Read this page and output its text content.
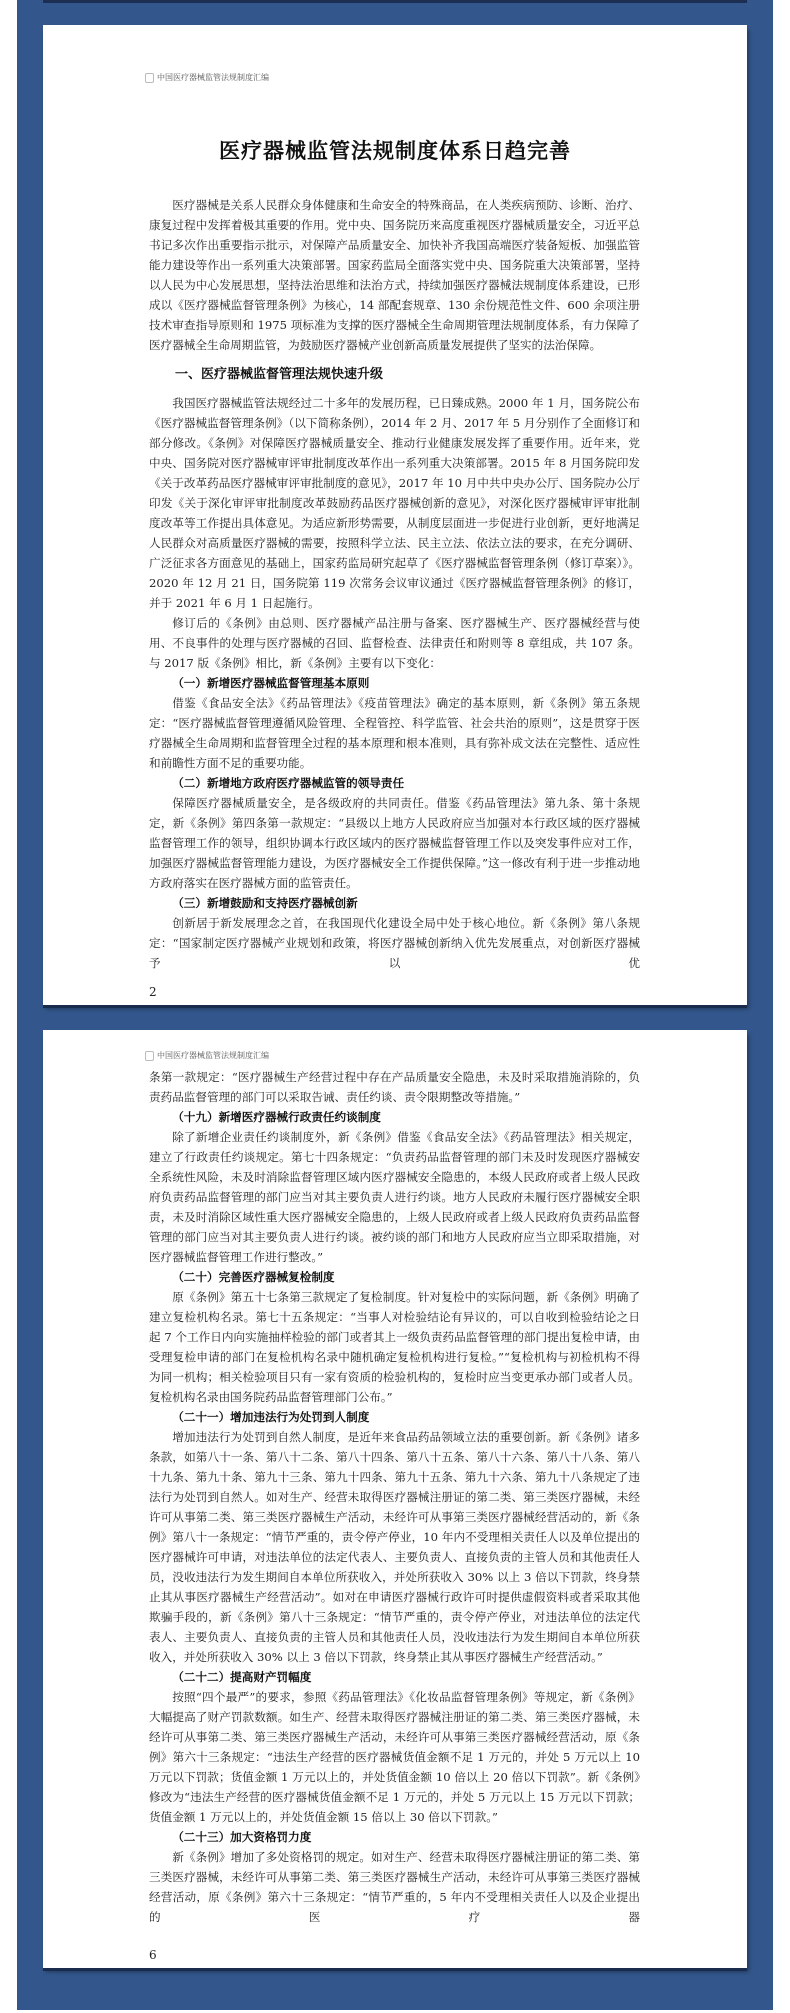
中国医疗器械监管法规制度汇编
医疗器械监管法规制度体系日趋完善

医疗器械是关系人民群众身体健康和生命安全的特殊商品，在人类疾病预防、诊断、治疗、康复过程中发挥着极其重要的作用。党中央、国务院历来高度重视医疗器械质量安全，习近平总书记多次作出重要指示批示，对保障产品质量安全、加快补齐我国高端医疗装备短板、加强监管能力建设等作出一系列重大决策部署。国家药监局全面落实党中央、国务院重大决策部署，坚持以人民为中心发展思想，坚持法治思维和法治方式，持续加强医疗器械法规制度体系建设，已形成以《医疗器械监督管理条例》为核心，14 部配套规章、130 余份规范性文件、600 余项注册技术审查指导原则和 1975 项标准为支撑的医疗器械全生命周期管理法规制度体系，有力保障了医疗器械全生命周期监管，为鼓励医疗器械产业创新高质量发展提供了坚实的法治保障。

一、医疗器械监督管理法规快速升级

我国医疗器械监管法规经过二十多年的发展历程，已日臻成熟。2000 年 1 月，国务院公布《医疗器械监督管理条例》（以下简称条例），2014 年 2 月、2017 年 5 月分别作了全面修订和部分修改。《条例》对保障医疗器械质量安全、推动行业健康发展发挥了重要作用。近年来，党中央、国务院对医疗器械审评审批制度改革作出一系列重大决策部署。2015 年 8 月国务院印发《关于改革药品医疗器械审评审批制度的意见》，2017 年 10 月中共中央办公厅、国务院办公厅印发《关于深化审评审批制度改革鼓励药品医疗器械创新的意见》，对深化医疗器械审评审批制度改革等工作提出具体意见。为适应新形势需要，从制度层面进一步促进行业创新，更好地满足人民群众对高质量医疗器械的需要，按照科学立法、民主立法、依法立法的要求，在充分调研、广泛征求各方面意见的基础上，国家药监局研究起草了《医疗器械监督管理条例（修订草案）》。2020 年 12 月 21 日，国务院第 119 次常务会议审议通过《医疗器械监督管理条例》的修订，并于 2021 年 6 月 1 日起施行。

修订后的《条例》由总则、医疗器械产品注册与备案、医疗器械生产、医疗器械经营与使用、不良事件的处理与医疗器械的召回、监督检查、法律责任和附则等 8 章组成，共 107 条。与 2017 版《条例》相比，新《条例》主要有以下变化：

（一）新增医疗器械监督管理基本原则

借鉴《食品安全法》《药品管理法》《疫苗管理法》确定的基本原则，新《条例》第五条规定：“医疗器械监督管理遵循风险管理、全程管控、科学监管、社会共治的原则”，这是贯穿于医疗器械全生命周期和监督管理全过程的基本原理和根本准则，具有弥补成文法在完整性、适应性和前瞻性方面不足的重要功能。

（二）新增地方政府医疗器械监管的领导责任

保障医疗器械质量安全，是各级政府的共同责任。借鉴《药品管理法》第九条、第十条规定，新《条例》第四条第一款规定：“县级以上地方人民政府应当加强对本行政区域的医疗器械监督管理工作的领导，组织协调本行政区域内的医疗器械监督管理工作以及突发事件应对工作，加强医疗器械监督管理能力建设，为医疗器械安全工作提供保障。”这一修改有利于进一步推动地方政府落实在医疗器械方面的监管责任。

（三）新增鼓励和支持医疗器械创新

创新居于新发展理念之首，在我国现代化建设全局中处于核心地位。新《条例》第八条规定：“国家制定医疗器械产业规划和政策，将医疗器械创新纳入优先发展重点，对创新医疗器械予以优

2
中国医疗器械监管法规制度汇编

条第一款规定：“医疗器械生产经营过程中存在产品质量安全隐患，未及时采取措施消除的，负责药品监督管理的部门可以采取告诫、责任约谈、责令限期整改等措施。”

（十九）新增医疗器械行政责任约谈制度

除了新增企业责任约谈制度外，新《条例》借鉴《食品安全法》《药品管理法》相关规定，建立了行政责任约谈规定。第七十四条规定：“负责药品监督管理的部门未及时发现医疗器械安全系统性风险，未及时消除监督管理区域内医疗器械安全隐患的，本级人民政府或者上级人民政府负责药品监督管理的部门应当对其主要负责人进行约谈。地方人民政府未履行医疗器械安全职责，未及时消除区域性重大医疗器械安全隐患的，上级人民政府或者上级人民政府负责药品监督管理的部门应当对其主要负责人进行约谈。被约谈的部门和地方人民政府应当立即采取措施，对医疗器械监督管理工作进行整改。”

（二十）完善医疗器械复检制度

原《条例》第五十七条第三款规定了复检制度。针对复检中的实际问题，新《条例》明确了建立复检机构名录。第七十五条规定：“当事人对检验结论有异议的，可以自收到检验结论之日起 7 个工作日内向实施抽样检验的部门或者其上一级负责药品监督管理的部门提出复检申请，由受理复检申请的部门在复检机构名录中随机确定复检机构进行复检。”“复检机构与初检机构不得为同一机构；相关检验项目只有一家有资质的检验机构的，复检时应当变更承办部门或者人员。复检机构名录由国务院药品监督管理部门公布。”

（二十一）增加违法行为处罚到人制度

增加违法行为处罚到自然人制度，是近年来食品药品领域立法的重要创新。新《条例》诸多条款，如第八十一条、第八十二条、第八十四条、第八十五条、第八十六条、第八十八条、第八十九条、第九十条、第九十三条、第九十四条、第九十五条、第九十六条、第九十八条规定了违法行为处罚到自然人。如对生产、经营未取得医疗器械注册证的第二类、第三类医疗器械，未经许可从事第二类、第三类医疗器械生产活动，未经许可从事第三类医疗器械经营活动的，新《条例》第八十一条规定：“情节严重的，责令停产停业，10 年内不受理相关责任人以及单位提出的医疗器械许可申请，对违法单位的法定代表人、主要负责人、直接负责的主管人员和其他责任人员，没收违法行为发生期间自本单位所获收入，并处所获收入 30% 以上 3 倍以下罚款，终身禁止其从事医疗器械生产经营活动”。如对在申请医疗器械行政许可时提供虚假资料或者采取其他欺骗手段的，新《条例》第八十三条规定：“情节严重的，责令停产停业，对违法单位的法定代表人、主要负责人、直接负责的主管人员和其他责任人员，没收违法行为发生期间自本单位所获收入，并处所获收入 30% 以上 3 倍以下罚款，终身禁止其从事医疗器械生产经营活动。”

（二十二）提高财产罚幅度

按照“四个最严”的要求，参照《药品管理法》《化妆品监督管理条例》等规定，新《条例》大幅提高了财产罚款数额。如生产、经营未取得医疗器械注册证的第二类、第三类医疗器械，未经许可从事第二类、第三类医疗器械生产活动，未经许可从事第三类医疗器械经营活动，原《条例》第六十三条规定：“违法生产经营的医疗器械货值金额不足 1 万元的，并处 5 万元以上 10 万元以下罚款；货值金额 1 万元以上的，并处货值金额 10 倍以上 20 倍以下罚款”。新《条例》修改为“违法生产经营的医疗器械货值金额不足 1 万元的，并处 5 万元以上 15 万元以下罚款；货值金额 1 万元以上的，并处货值金额 15 倍以上 30 倍以下罚款。”

（二十三）加大资格罚力度

新《条例》增加了多处资格罚的规定。如对生产、经营未取得医疗器械注册证的第二类、第三类医疗器械，未经许可从事第二类、第三类医疗器械生产活动，未经许可从事第三类医疗器械经营活动，原《条例》第六十三条规定：“情节严重的，5 年内不受理相关责任人以及企业提出的医疗器

6
